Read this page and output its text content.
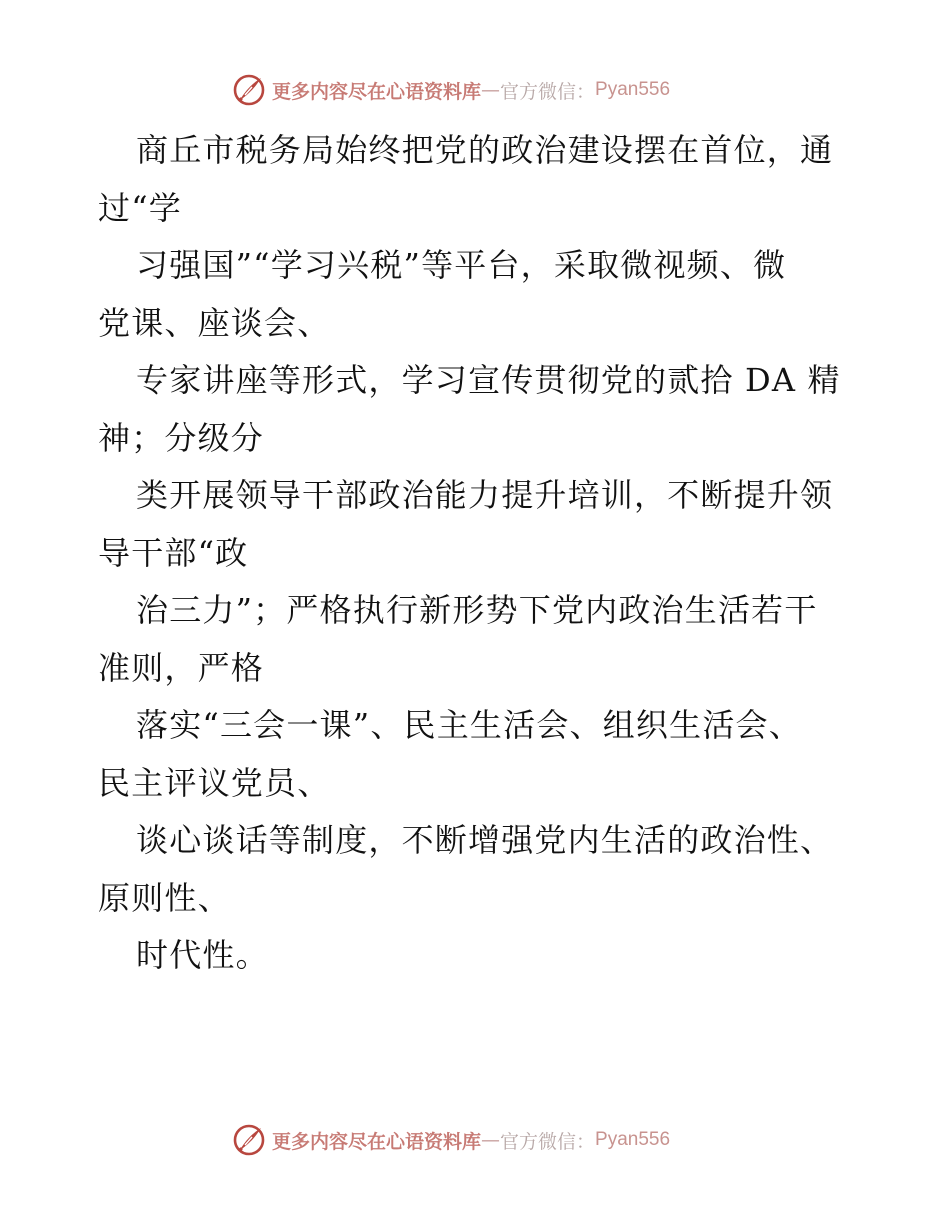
更多内容尽在心语资料库 — 官方微信： Pyan556
商丘市税务局始终把党的政治建设摆在首位，通
过“学
习强国”“学习兴税”等平台，采取微视频、微
党课、座谈会、
专家讲座等形式，学习宣传贯彻党的贰拾 DA 精
神；分级分
类开展领导干部政治能力提升培训，不断提升领
导干部“政
治三力”；严格执行新形势下党内政治生活若干
准则，严格
落实“三会一课”、民主生活会、组织生活会、
民主评议党员、
谈心谈话等制度，不断增强党内生活的政治性、
原则性、
时代性。
更多内容尽在心语资料库 — 官方微信： Pyan556
